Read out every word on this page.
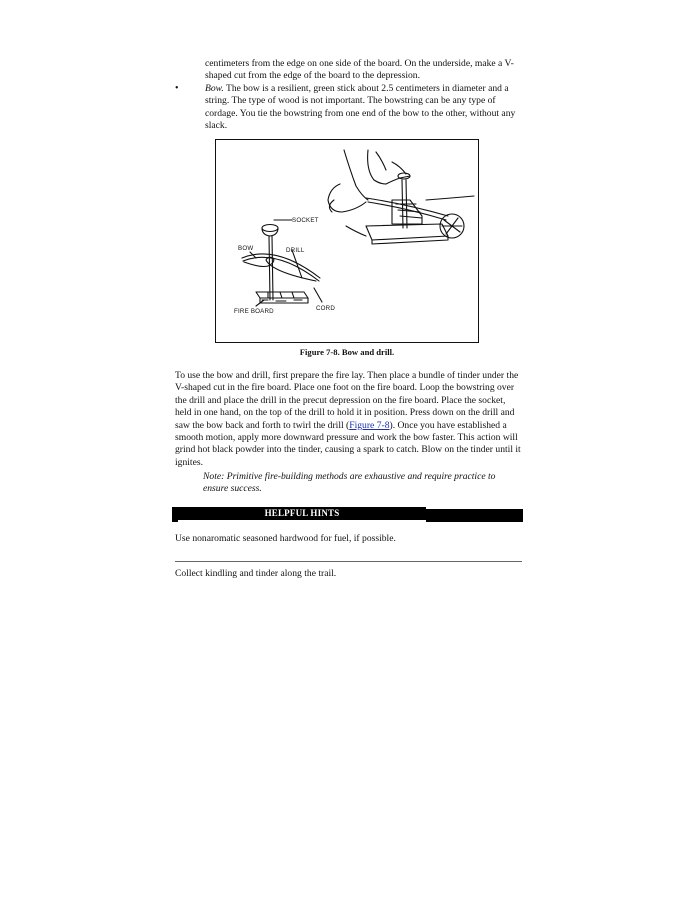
centimeters from the edge on one side of the board. On the underside, make a V-shaped cut from the edge of the board to the depression.

•	Bow. The bow is a resilient, green stick about 2.5 centimeters in diameter and a string. The type of wood is not important. The bowstring can be any type of cordage. You tie the bowstring from one end of the bow to the other, without any slack.
SOCKET
BOW	DRILL
FIRE BOARD	CORD
Figure 7-8. Bow and drill.

To use the bow and drill, first prepare the fire lay. Then place a bundle of tinder under the V-shaped cut in the fire board. Place one foot on the fire board. Loop the bowstring over the drill and place the drill in the precut depression on the fire board. Place the socket, held in one hand, on the top of the drill to hold it in position. Press down on the drill and saw the bow back and forth to twirl the drill (Figure 7-8). Once you have established a smooth motion, apply more downward pressure and work the bow faster. This action will grind hot black powder into the tinder, causing a spark to catch. Blow on the tinder until it ignites.

Note: Primitive fire-building methods are exhaustive and require practice to ensure success.
HELPFUL HINTS
Use nonaromatic seasoned hardwood for fuel, if possible.
Collect kindling and tinder along the trail.
